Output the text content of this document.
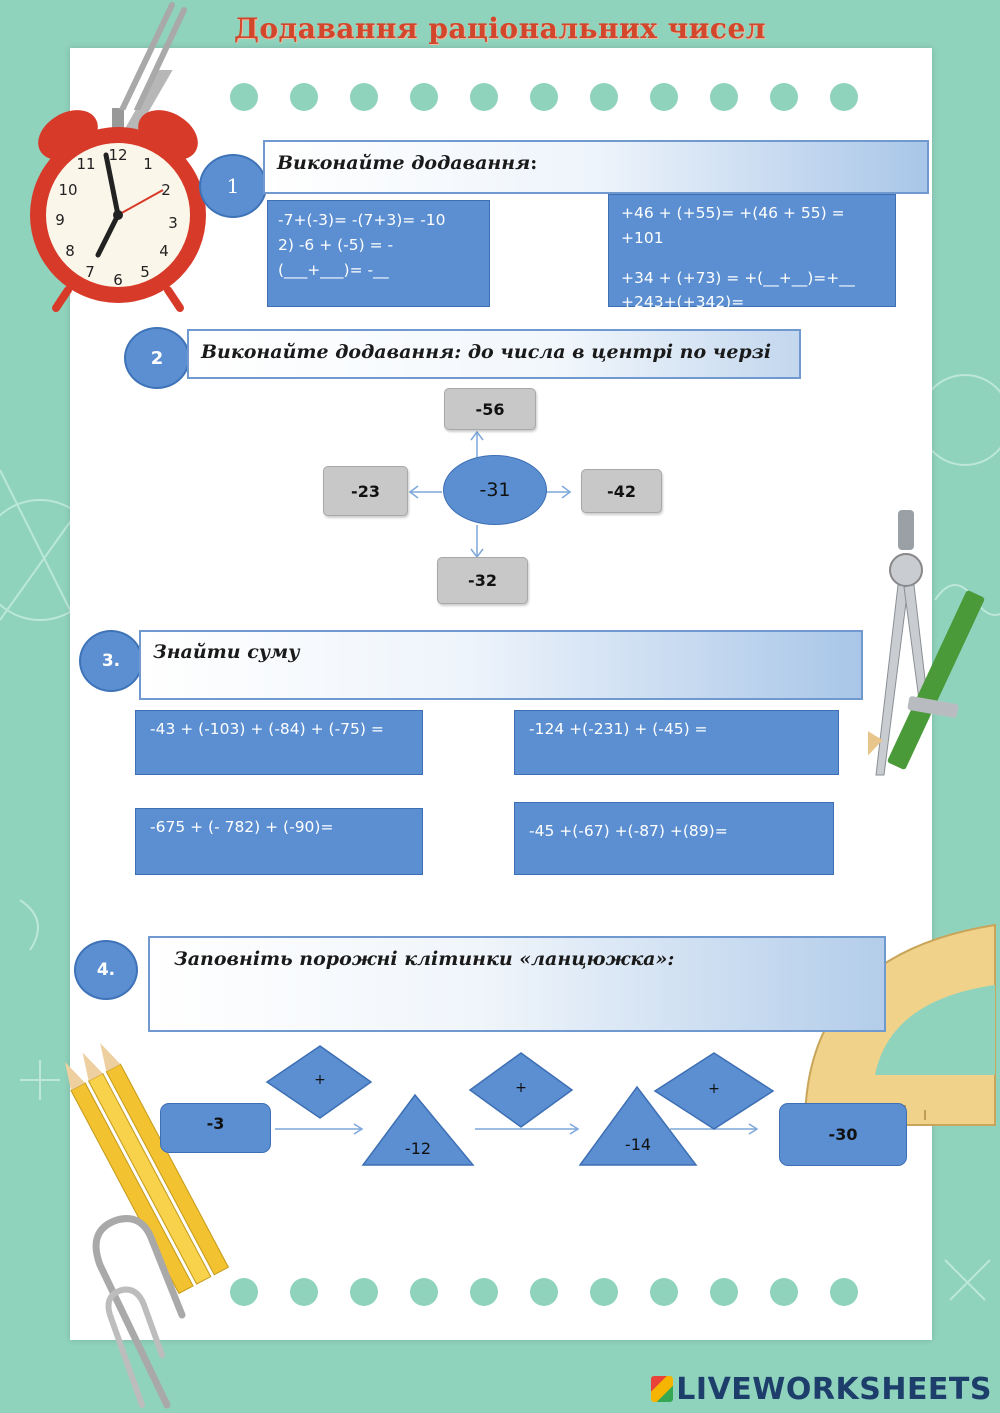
Додавання раціональних чисел
12 1
2
3
4
5
6
7
8
9
10
11
1
Виконайте додавання:
-7+(-3)= -(7+3)= -10
2) -6 + (-5) = -
(___+___)= -__
+46 + (+55)= +(46 + 55) = +101
+34 + (+73) = +(__+__)=+__
+243+(+342)=
2	Виконайте додавання: до числа в центрі по черзі
-31
-56
-23	-42
-32
3.	Знайти суму
-43 + (-103) + (-84) + (-75) =	-124 +(-231) + (-45) =
-675 + (- 782) + (-90)=	-45 +(-67) +(-87) +(89)=
4.	Заповніть порожні клітинки «ланцюжка»:
+	+	+
-12	-14
-3
-30
LIVEWORKSHEETS
